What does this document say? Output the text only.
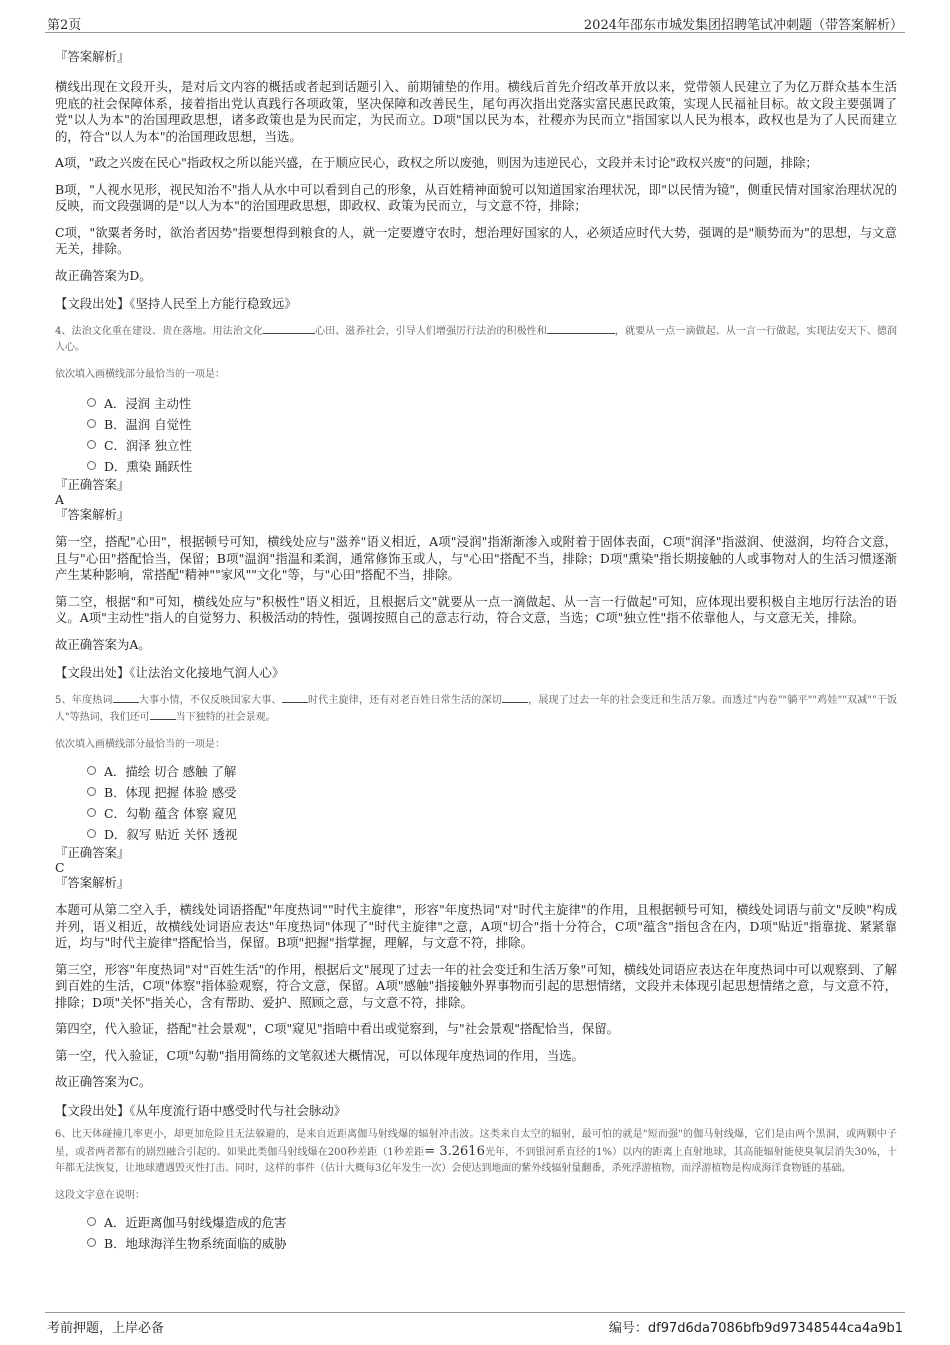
第2页	2024年邵东市城发集团招聘笔试冲刺题（带答案解析）

『答案解析』

横线出现在文段开头，是对后文内容的概括或者起到话题引入、前期铺垫的作用。横线后首先介绍改革开放以来，党带领人民建立了为亿万群众基本生活兜底的社会保障体系，接着指出党认真践行各项政策，坚决保障和改善民生，尾句再次指出党落实富民惠民政策，实现人民福祉目标。故文段主要强调了党"以人为本"的治国理政思想，诸多政策也是为民而定，为民而立。D项"国以民为本，社稷亦为民而立"指国家以人民为根本，政权也是为了人民而建立的，符合"以人为本"的治国理政思想，当选。

A项，"政之兴废在民心"指政权之所以能兴盛，在于顺应民心，政权之所以废弛，则因为违逆民心，文段并未讨论"政权兴废"的问题，排除；

B项，"人视水见形，视民知治不"指人从水中可以看到自己的形象，从百姓精神面貌可以知道国家治理状况，即"以民情为镜"，侧重民情对国家治理状况的反映，而文段强调的是"以人为本"的治国理政思想，即政权、政策为民而立，与文意不符，排除；

C项，"欲粟者务时，欲治者因势"指要想得到粮食的人，就一定要遵守农时，想治理好国家的人，必须适应时代大势，强调的是"顺势而为"的思想，与文意无关，排除。

故正确答案为D。

【文段出处】《坚持人民至上方能行稳致远》

4、法治文化重在建设、贵在落地。用法治文化	心田、滋养社会，引导人们增强厉行法治的积极性和	，就要从一点一滴做起、从一言一行做起，实现法安天下、德润人心。

依次填入画横线部分最恰当的一项是：

A．浸润 主动性

B．温润 自觉性

C．润泽 独立性

D．熏染 踊跃性

『正确答案』

A

『答案解析』

第一空，搭配"心田"，根据顿号可知，横线处应与"滋养"语义相近，A项"浸润"指渐渐渗入或附着于固体表面，C项"润泽"指滋润、使滋润，均符合文意，且与"心田"搭配恰当，保留；B项"温润"指温和柔润，通常修饰玉或人，与"心田"搭配不当，排除；D项"熏染"指长期接触的人或事物对人的生活习惯逐渐产生某种影响，常搭配"精神""家风""文化"等，与"心田"搭配不当，排除。

第二空，根据"和"可知，横线处应与"积极性"语义相近，且根据后文"就要从一点一滴做起、从一言一行做起"可知，应体现出要积极自主地厉行法治的语义。A项"主动性"指人的自觉努力、积极活动的特性，强调按照自己的意志行动，符合文意，当选；C项"独立性"指不依靠他人，与文意无关，排除。

故正确答案为A。

【文段出处】《让法治文化接地气润人心》

5、年度热词	大事小情，不仅反映国家大事、	时代主旋律，还有对老百姓日常生活的深切	，展现了过去一年的社会变迁和生活万象。而透过"内卷""躺平""鸡娃""双减""干饭人"等热词，我们还可	当下独特的社会景观。

依次填入画横线部分最恰当的一项是：

A．描绘 切合 感触 了解

B．体现 把握 体验 感受

C．勾勒 蕴含 体察 窥见

D．叙写 贴近 关怀 透视

『正确答案』

C

『答案解析』

本题可从第二空入手，横线处词语搭配"年度热词""时代主旋律"，形容"年度热词"对"时代主旋律"的作用，且根据顿号可知，横线处词语与前文"反映"构成并列，语义相近，故横线处词语应表达"年度热词"体现了"时代主旋律"之意，A项"切合"指十分符合，C项"蕴含"指包含在内，D项"贴近"指靠拢、紧紧靠近，均与"时代主旋律"搭配恰当，保留。B项"把握"指掌握，理解，与文意不符，排除。

第三空，形容"年度热词"对"百姓生活"的作用，根据后文"展现了过去一年的社会变迁和生活万象"可知，横线处词语应表达在年度热词中可以观察到、了解到百姓的生活，C项"体察"指体验观察，符合文意，保留。A项"感触"指接触外界事物而引起的思想情绪，文段并未体现引起思想情绪之意，与文意不符，排除；D项"关怀"指关心，含有帮助、爱护、照顾之意，与文意不符，排除。

第四空，代入验证，搭配"社会景观"，C项"窥见"指暗中看出或觉察到，与"社会景观"搭配恰当，保留。

第一空，代入验证，C项"勾勒"指用简练的文笔叙述大概情况，可以体现年度热词的作用，当选。

故正确答案为C。

【文段出处】《从年度流行语中感受时代与社会脉动》

6、比天体碰撞几率更小，却更加危险且无法躲避的，是来自近距离伽马射线爆的辐射冲击波。这类来自太空的辐射，最可怕的就是"短而强"的伽马射线爆，它们是由两个黑洞，或两颗中子星，或者两者都有的剧烈融合引起的。如果此类伽马射线爆在200秒差距（1秒差距= 3.2616光年，不到银河系直径的1%）以内的距离上直射地球，其高能辐射能使臭氧层消失30%，十年都无法恢复，让地球遭遇毁灭性打击。同时，这样的事件（估计大概每3亿年发生一次）会使达到地面的紫外线辐射量翻番，杀死浮游植物，而浮游植物是构成海洋食物链的基础。

这段文字意在说明：

A．近距离伽马射线爆造成的危害

B．地球海洋生物系统面临的威胁

考前押题，上岸必备	编号：df97d6da7086bfb9d97348544ca4a9b1
